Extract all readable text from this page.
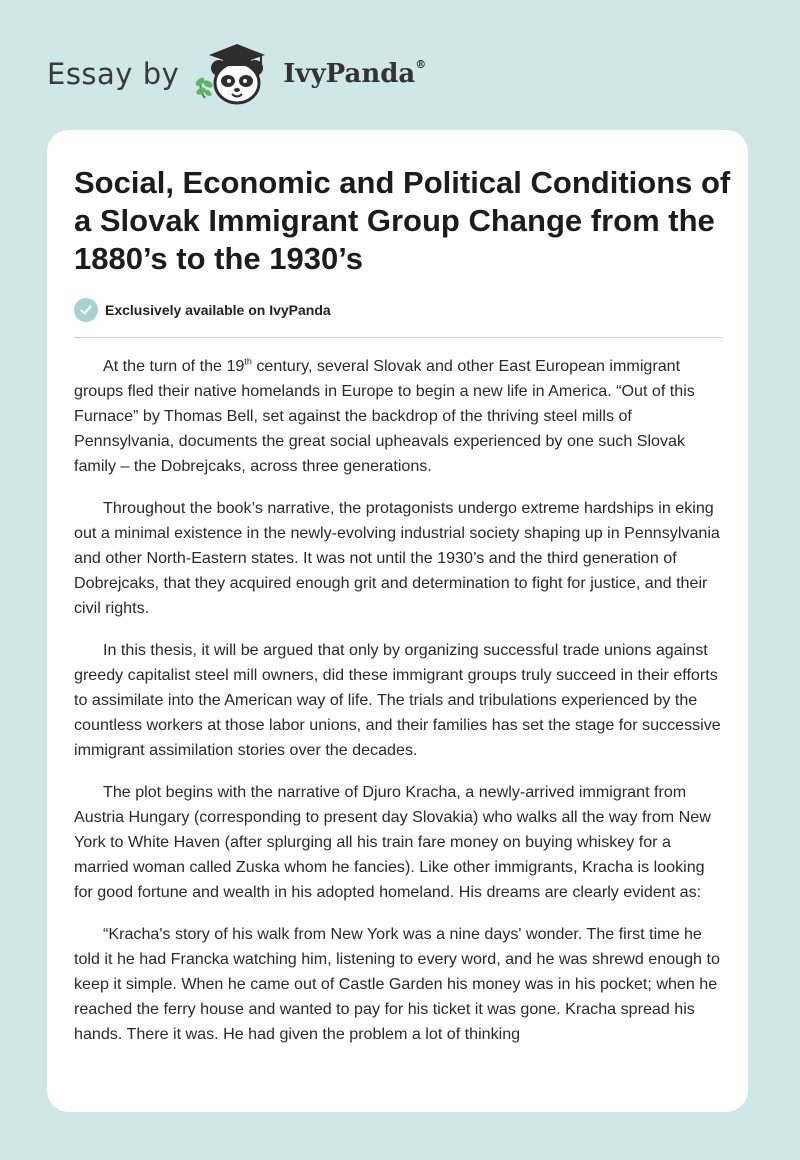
Essay by	IvyPanda®
Social, Economic and Political Conditions of a Slovak Immigrant Group Change from the 1880’s to the 1930’s
Exclusively available on IvyPanda

At the turn of the 19th century, several Slovak and other East European immigrant groups fled their native homelands in Europe to begin a new life in America. “Out of this Furnace” by Thomas Bell, set against the backdrop of the thriving steel mills of Pennsylvania, documents the great social upheavals experienced by one such Slovak family – the Dobrejcaks, across three generations.

Throughout the book’s narrative, the protagonists undergo extreme hardships in eking out a minimal existence in the newly-evolving industrial society shaping up in Pennsylvania and other North-Eastern states. It was not until the 1930’s and the third generation of Dobrejcaks, that they acquired enough grit and determination to fight for justice, and their civil rights.

In this thesis, it will be argued that only by organizing successful trade unions against greedy capitalist steel mill owners, did these immigrant groups truly succeed in their efforts to assimilate into the American way of life. The trials and tribulations experienced by the countless workers at those labor unions, and their families has set the stage for successive immigrant assimilation stories over the decades.

The plot begins with the narrative of Djuro Kracha, a newly-arrived immigrant from Austria Hungary (corresponding to present day Slovakia) who walks all the way from New York to White Haven (after splurging all his train fare money on buying whiskey for a married woman called Zuska whom he fancies). Like other immigrants, Kracha is looking for good fortune and wealth in his adopted homeland. His dreams are clearly evident as:

“Kracha's story of his walk from New York was a nine days' wonder. The first time he told it he had Francka watching him, listening to every word, and he was shrewd enough to keep it simple. When he came out of Castle Garden his money was in his pocket; when he reached the ferry house and wanted to pay for his ticket it was gone. Kracha spread his hands. There it was. He had given the problem a lot of thinking
